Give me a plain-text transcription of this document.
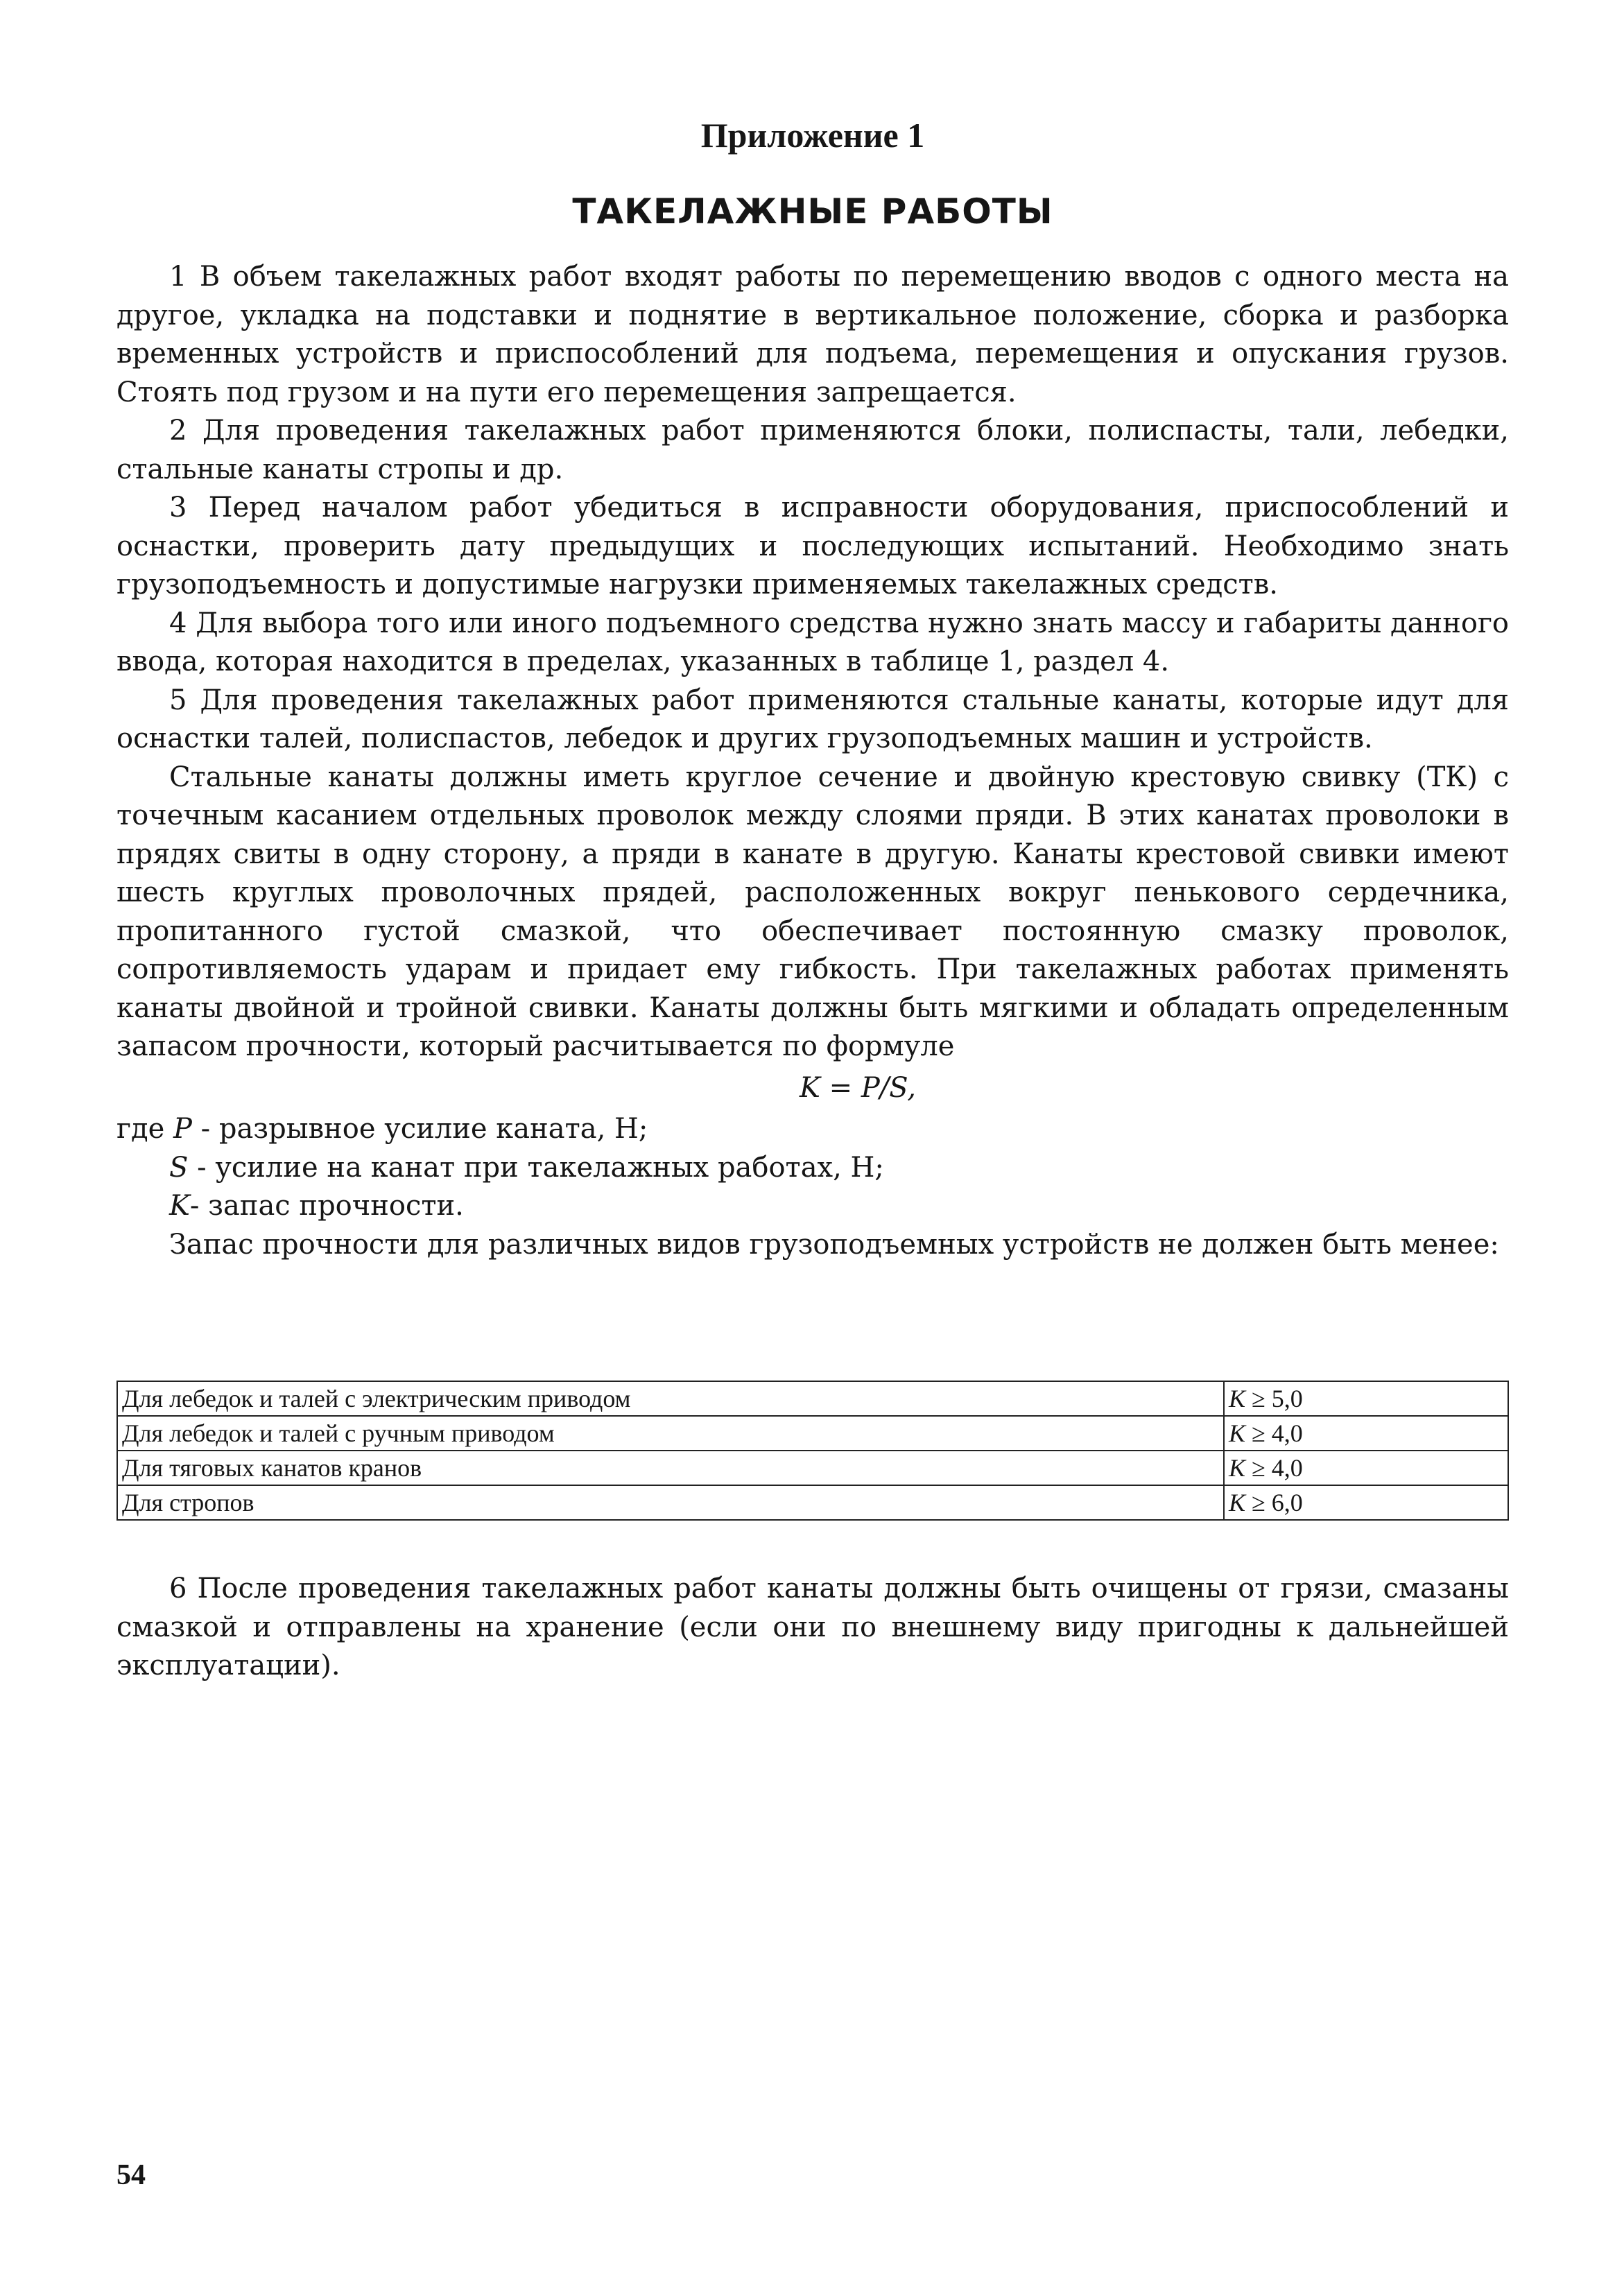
Приложение 1
ТАКЕЛАЖНЫЕ РАБОТЫ

1 В объем такелажных работ входят работы по перемещению вводов с одного места на другое, укладка на подставки и поднятие в вертикальное положение, сборка и разборка временных устройств и приспособлений для подъема, перемещения и опускания грузов. Стоять под грузом и на пути его перемещения запрещается.

2 Для проведения такелажных работ применяются блоки, полиспасты, тали, лебедки, стальные канаты стропы и др.

3 Перед началом работ убедиться в исправности оборудования, приспособлений и оснастки, проверить дату предыдущих и последующих испытаний. Необходимо знать грузоподъемность и допустимые нагрузки применяемых такелажных средств.

4 Для выбора того или иного подъемного средства нужно знать массу и габариты данного ввода, которая находится в пределах, указанных в таблице 1, раздел 4.

5 Для проведения такелажных работ применяются стальные канаты, которые идут для оснастки талей, полиспастов, лебедок и других грузоподъемных машин и устройств.

Стальные канаты должны иметь круглое сечение и двойную крестовую свивку (ТК) с точечным касанием отдельных проволок между слоями пряди. В этих канатах проволоки в прядях свиты в одну сторону, а пряди в канате в другую. Канаты крестовой свивки имеют шесть круглых проволочных прядей, расположенных вокруг пенькового сердечника, пропитанного густой смазкой, что обеспечивает постоянную смазку проволок, сопротивляемость ударам и придает ему гибкость. При такелажных работах применять канаты двойной и тройной свивки. Канаты должны быть мягкими и обладать определенным запасом прочности, который расчитывается по формуле

K = P/S,

где P - разрывное усилие каната, Н;

S - усилие на канат при такелажных работах, Н;

K- запас прочности.

Запас прочности для различных видов грузоподъемных устройств не должен быть менее:

Для лебедок и талей с электрическим приводом	K ≥ 5,0
Для лебедок и талей с ручным приводом	K ≥ 4,0
Для тяговых канатов кранов	K ≥ 4,0
Для стропов	K ≥ 6,0

6 После проведения такелажных работ канаты должны быть очищены от грязи, смазаны смазкой и отправлены на хранение (если они по внешнему виду пригодны к дальнейшей эксплуатации).

54
